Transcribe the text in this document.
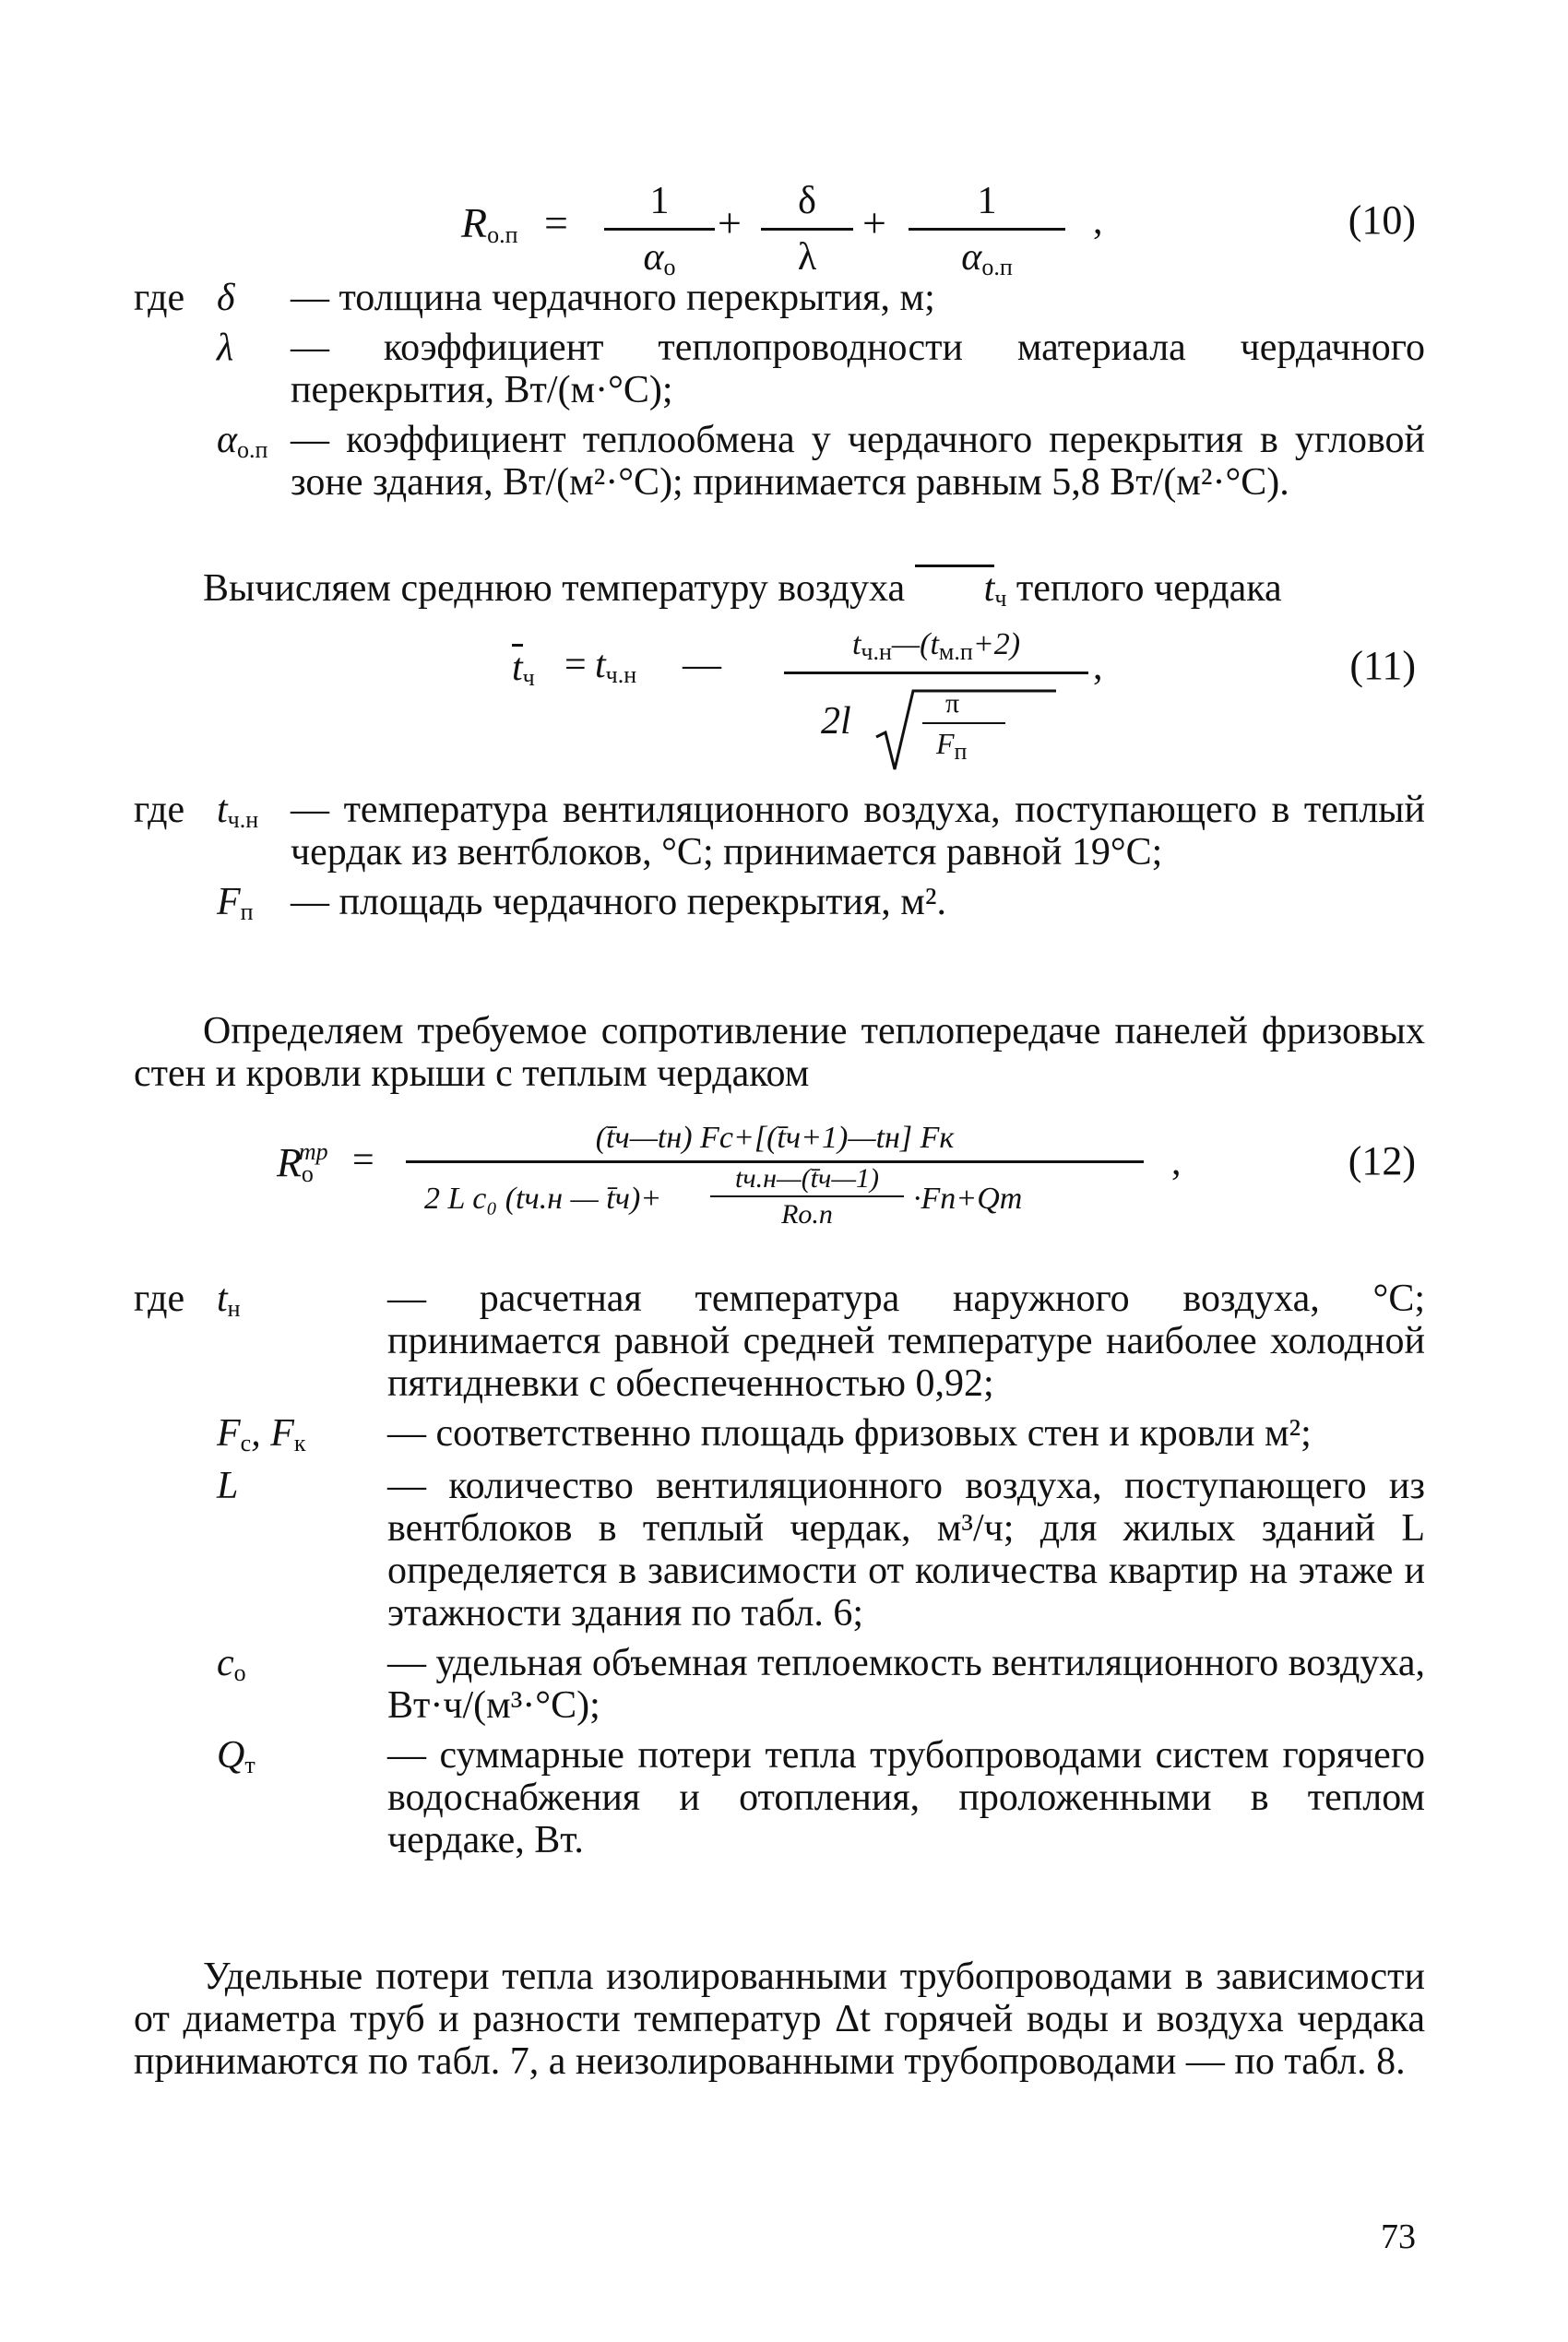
$R_{о.п}$ =	1
$\alpha_о$
+ $\frac{\delta}{\lambda}$ +	1
$\alpha_{о.п}$
,	(10)
где δ	— толщина чердачного перекрытия, м;
λ	— коэффициент теплопроводности материала чердачного перекрытия, Вт/(м·°С);
$\alpha_{о.п}$ — коэффициент теплообмена у чердачного перекрытия в угловой зоне здания, Вт/(м²·°С); принимается равным 5,8 Вт/(м²·°С).
Вычисляем среднюю температуру воздуха $t_ч$ теплого чердака
$t_ч = t_{ч.н}$ —	$t_{ч.н}—(t_{м.п}+2)$
2l	π
$F_п$
,	(11)
где $t_{ч.н}$ — температура вентиляционного воздуха, поступающего в теплый чердак из вентблоков, °С; принимается равной 19°С;
$F_п$ — площадь чердачного перекрытия, м².
Определяем требуемое сопротивление теплопередаче панелей фризовых стен и кровли крыши с теплым чердаком
$R_о^{тр}$ =
(t̄ч—tн) Fс+[(t̄ч+1)—tн] Fк
2 L c₀ (tч.н — t̄ч)+
tч.н—(t̄ч—1)
Rо.п	·Fп+Qт
,	(12)
где $t_н$	— расчетная температура наружного воздуха, °С; принимается равной средней температуре наиболее холодной пятидневки с обеспеченностью 0,92;
$F_с$, $F_к$	— соответственно площадь фризовых стен и кровли м²;
L	— количество вентиляционного воздуха, поступающего из вентблоков в теплый чердак, м³/ч; для жилых зданий L определяется в зависимости от количества квартир на этаже и этажности здания по табл. 6;
$c_о$	— удельная объемная теплоемкость вентиляционного воздуха, Вт·ч/(м³·°С);
$Q_т$	— суммарные потери тепла трубопроводами систем горячего водоснабжения и отопления, проложенными в теплом чердаке, Вт.
Удельные потери тепла изолированными трубопроводами в зависимости от диаметра труб и разности температур Δt горячей воды и воздуха чердака принимаются по табл. 7, а неизолированными трубопроводами — по табл. 8.
73
